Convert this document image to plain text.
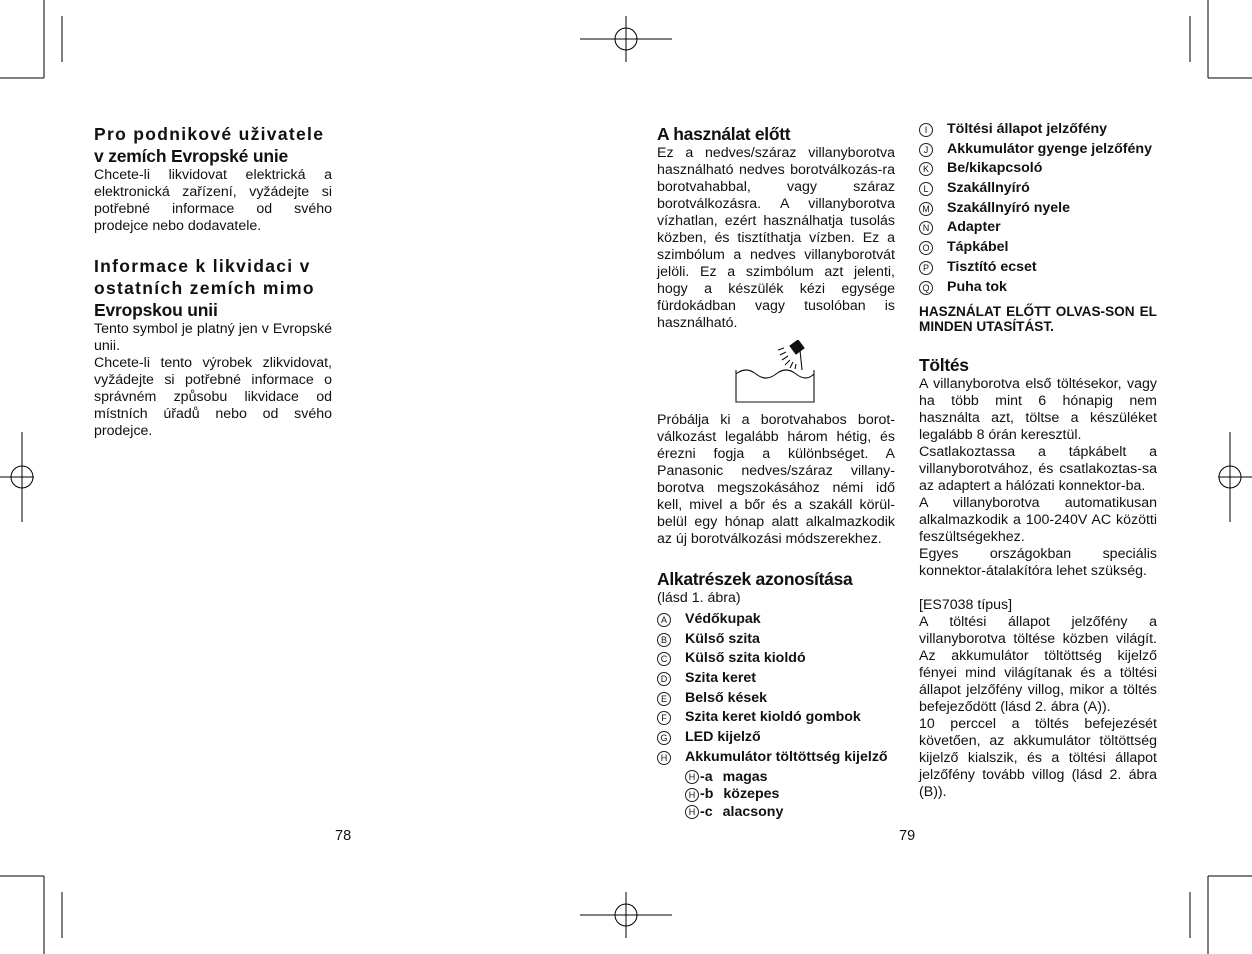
Pro podnikové uživatele
v zemích Evropské unie

Chcete-li likvidovat elektrická a elektronická zařízení, vyžádejte si potřebné informace od svého prodejce nebo dodavatele.

Informace k likvidaci v
ostatních zemích mimo
Evropskou unii

Tento symbol je platný jen v Evropské unii.

Chcete-li tento výrobek zlikvidovat, vyžádejte si potřebné informace o správném způsobu likvidace od místních úřadů nebo od svého prodejce.

78
A használat előtt

Ez a nedves/száraz villanyborotva használható nedves borotválkozás-ra borotvahabbal, vagy száraz borotválkozásra. A villanyborotva vízhatlan, ezért használhatja tusolás közben, és tisztíthatja vízben. Ez a szimbólum a nedves villanyborotvát jelöli. Ez a szimbólum azt jelenti, hogy a készülék kézi egysége fürdokádban vagy tusolóban is használható.

Próbálja ki a borotvahabos borot-válkozást legalább három hétig, és érezni fogja a különbséget. A Panasonic nedves/száraz villany-borotva megszokásához némi idő kell, mivel a bőr és a szakáll körül-belül egy hónap alatt alkalmazkodik az új borotválkozási módszerekhez.

Alkatrészek azonosítása
(lásd 1. ábra)
A Védőkupak
B Külső szita
C Külső szita kioldó
D Szita keret
E Belső kések
F Szita keret kioldó gombok
G LED kijelző
H Akkumulátor töltöttség kijelző
H -a magas
H -b közepes
H -c alacsony
79
I	Töltési állapot jelzőfény
J	Akkumulátor gyenge jelzőfény
K Be/kikapcsoló
L	Szakállnyíró
M Szakállnyíró nyele
N Adapter
O Tápkábel
P Tisztító ecset
Q Puha tok
HASZNÁLAT ELŐTT OLVAS-SON EL MINDEN UTASÍTÁST.
Töltés

A villanyborotva első töltésekor, vagy ha több mint 6 hónapig nem használta azt, töltse a készüléket legalább 8 órán keresztül.

Csatlakoztassa a tápkábelt a villanyborotvához, és csatlakoztas-sa az adaptert a hálózati konnektor-ba.

A villanyborotva automatikusan alkalmazkodik a 100-240V AC közötti feszültségekhez.

Egyes országokban speciális konnektor-átalakítóra lehet szükség.

[ES7038 típus]

A töltési állapot jelzőfény a villanyborotva töltése közben világít. Az akkumulátor töltöttség kijelző fényei mind világítanak és a töltési állapot jelzőfény villog, mikor a töltés befejeződött (lásd 2. ábra (A)).

10 perccel a töltés befejezését követően, az akkumulátor töltöttség kijelző kialszik, és a töltési állapot jelzőfény tovább villog (lásd 2. ábra (B)).
